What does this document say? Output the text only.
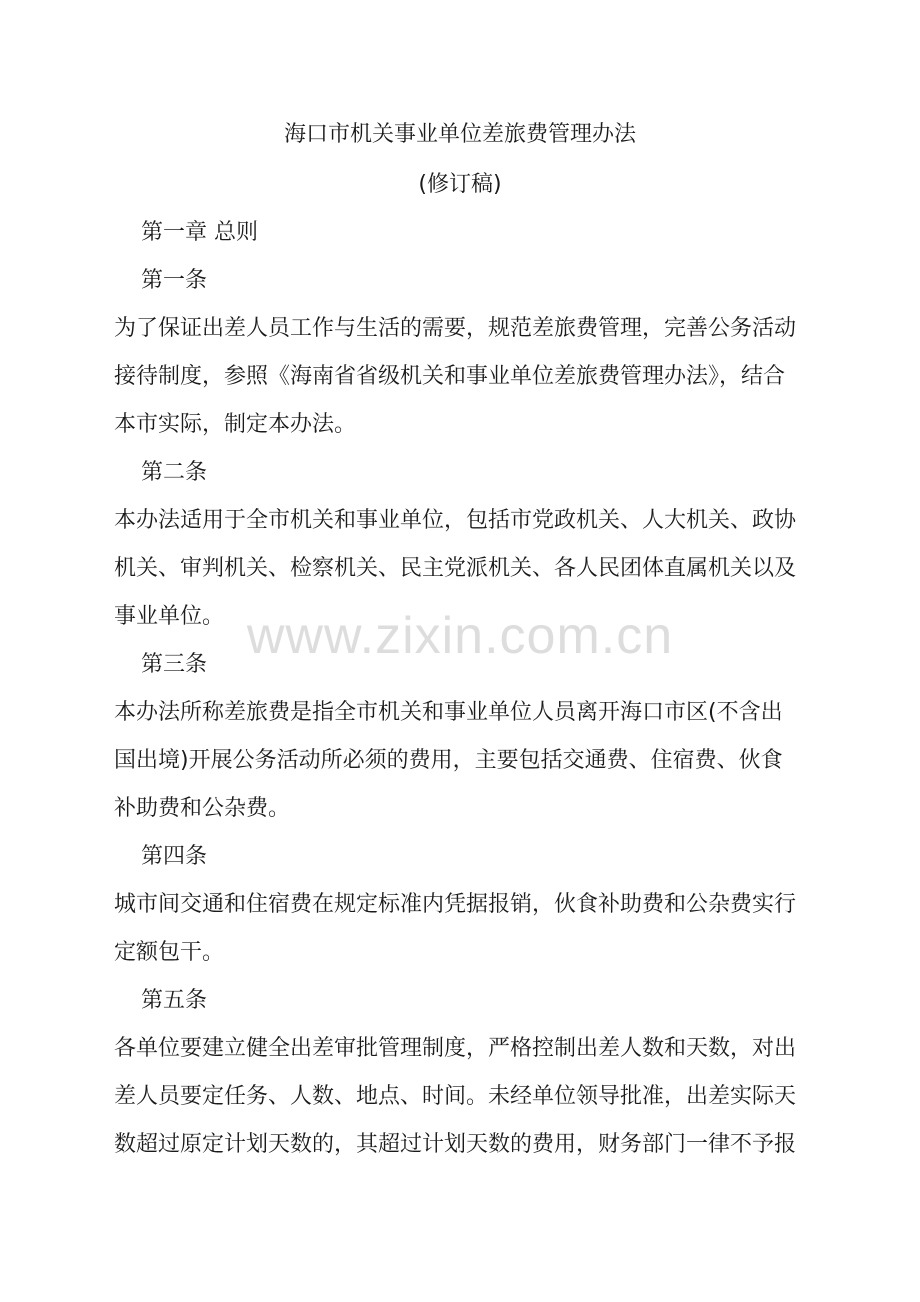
海口市机关事业单位差旅费管理办法

(修订稿)

第一章 总则

第一条

为了保证出差人员工作与生活的需要，规范差旅费管理，完善公务活动

接待制度，参照《海南省省级机关和事业单位差旅费管理办法》，结合

本市实际，制定本办法。

第二条

本办法适用于全市机关和事业单位，包括市党政机关、人大机关、政协

机关、审判机关、检察机关、民主党派机关、各人民团体直属机关以及

事业单位。

第三条

本办法所称差旅费是指全市机关和事业单位人员离开海口市区(不含出

国出境)开展公务活动所必须的费用，主要包括交通费、住宿费、伙食

补助费和公杂费。

第四条

城市间交通和住宿费在规定标准内凭据报销，伙食补助费和公杂费实行

定额包干。

第五条

各单位要建立健全出差审批管理制度，严格控制出差人数和天数，对出

差人员要定任务、人数、地点、时间。未经单位领导批准，出差实际天

数超过原定计划天数的，其超过计划天数的费用，财务部门一律不予报

www.zixin.com.cn
